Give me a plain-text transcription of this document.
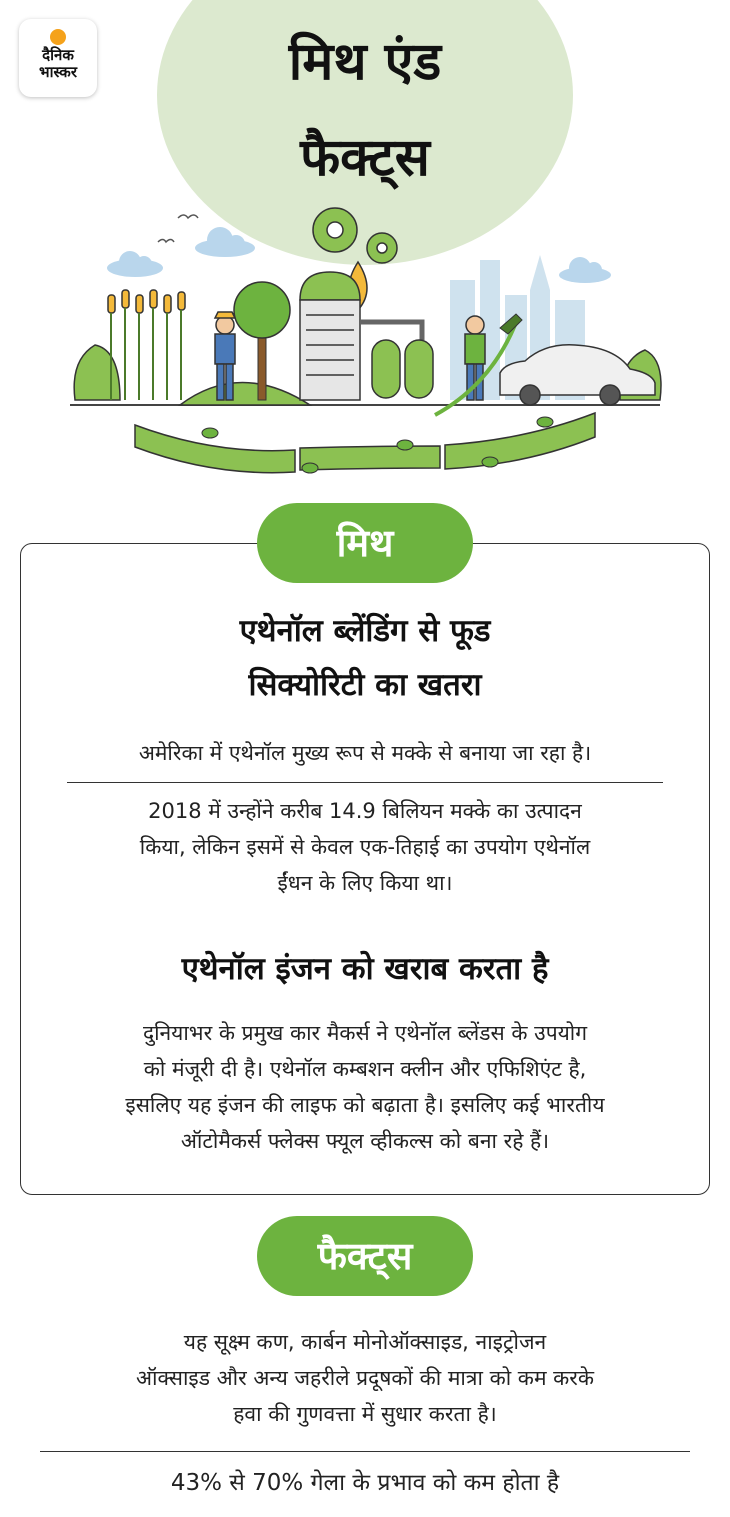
दैनिक
भास्कर	मिथ एंड
फैक्ट्स
मिथ
एथेनॉल ब्लेंडिंग से फूड
सिक्योरिटी का खतरा
अमेरिका में एथेनॉल मुख्य रूप से मक्के से बनाया जा रहा है।
2018 में उन्होंने करीब 14.9 बिलियन मक्के का उत्पादन
किया, लेकिन इसमें से केवल एक-तिहाई का उपयोग एथेनॉल
ईंधन के लिए किया था।
एथेनॉल इंजन को खराब करता है
दुनियाभर के प्रमुख कार मैकर्स ने एथेनॉल ब्लेंडस के उपयोग
को मंजूरी दी है। एथेनॉल कम्बशन क्लीन और एफिशिएंट है,
इसलिए यह इंजन की लाइफ को बढ़ाता है। इसलिए कई भारतीय
ऑटोमैकर्स फ्लेक्स फ्यूल व्हीकल्स को बना रहे हैं।
फैक्ट्स
यह सूक्ष्म कण, कार्बन मोनोऑक्साइड, नाइट्रोजन
ऑक्साइड और अन्य जहरीले प्रदूषकों की मात्रा को कम करके
हवा की गुणवत्ता में सुधार करता है।
43% से 70% गेला के प्रभाव को कम होता है
